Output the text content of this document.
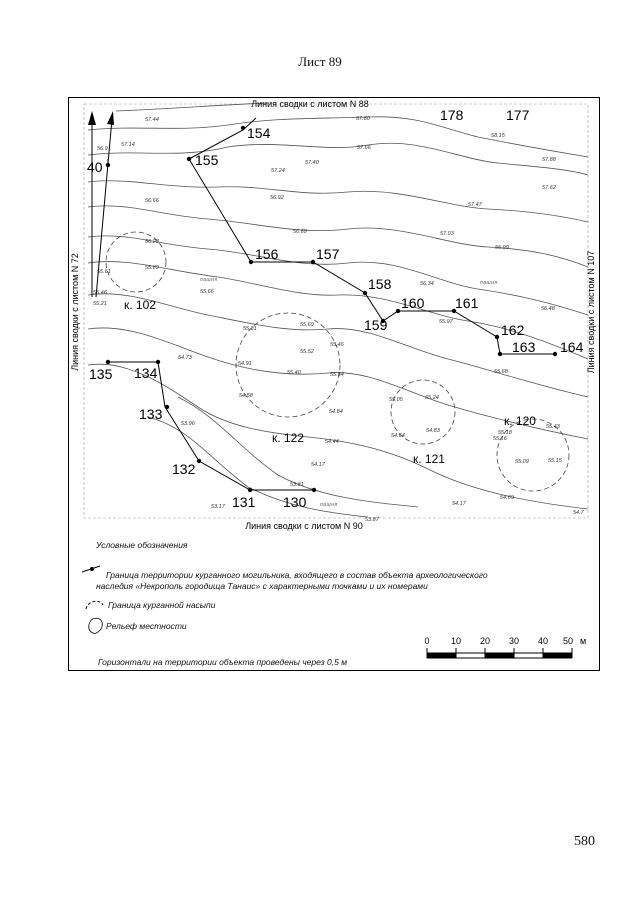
Лист 89
Линия сводки с листом N 88
Линия сводки с листом N 90
Линия сводки с листом N 72	Линия сводки с листом N 107
154
155
156	157
158
159
160 161
162
163 164
135 134
133
132
131 130
40
178	177
к. 102
к. 122
к. 121
к. 120
пашня	пашня
пашня
57.44
57.14
56.91
57.80
57.66
58.15
57.88
57.40
57.24
57.62
56.66	56.92
57.47
56.23
56.69	57.03
56.99
55.61
55.89
55.46	55.66
56.34
56.48
55.21
55.31
55.69	55.97
55.52
55.46
55.68
54.73
54.91
55.40	55.84
54.58
55.05	55.24
55.16
54.84
54.83
53.96
54.64
55.43
54.44
55.18
54.17	55.09	55.15
53.81
54.69
53.17	54.17
54.7
53.87
Условные обозначения
Граница территории курганного могильника, входящего в состав объекта археологического
наследия «Некрополь городища Танаис» с характерными точками и их номерами
Граница курганной насыпи
Рельеф местности
0 10 20 30 40 50 м
Горизонтали на территории объекта проведены через 0,5 м
580
